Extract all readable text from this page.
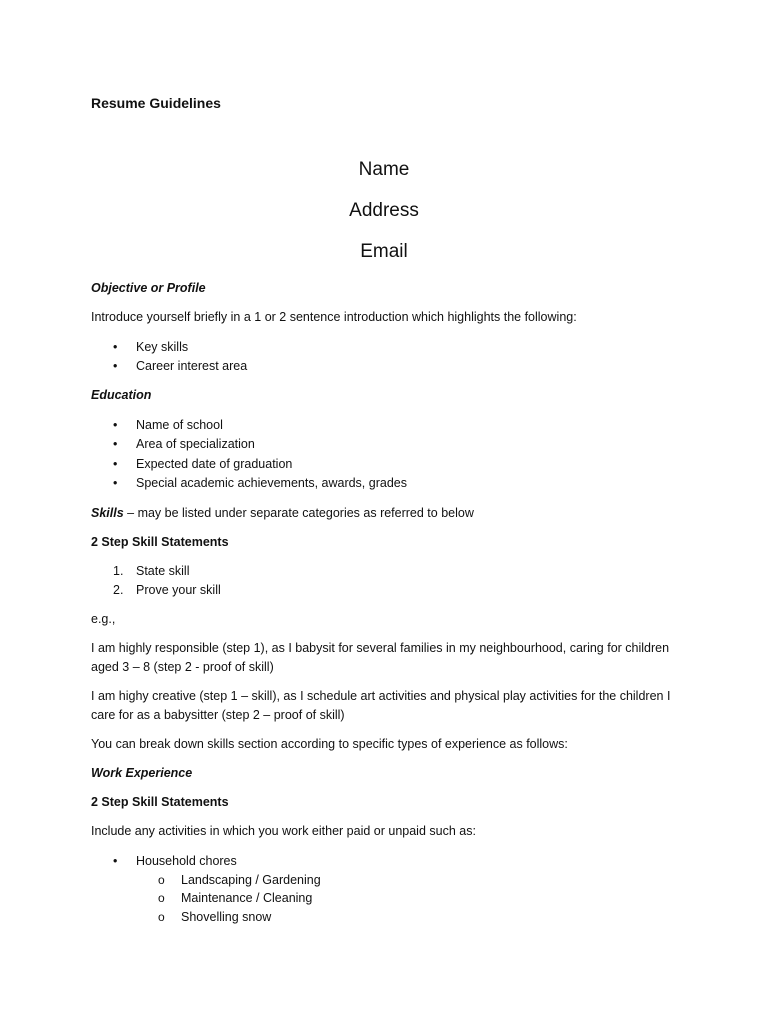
Resume Guidelines
Name
Address
Email
Objective or Profile
Introduce yourself briefly in a 1 or 2 sentence introduction which highlights the following:
• Key skills
• Career interest area
Education
• Name of school
• Area of specialization
• Expected date of graduation
• Special academic achievements, awards, grades
Skills – may be listed under separate categories as referred to below
2 Step Skill Statements
1. State skill
2. Prove your skill
e.g.,
I am highly responsible (step 1), as I babysit for several families in my neighbourhood, caring for children
aged 3 – 8 (step 2 - proof of skill)
I am highy creative (step 1 – skill), as I schedule art activities and physical play activities for the children I
care for as a babysitter (step 2 – proof of skill)
You can break down skills section according to specific types of experience as follows:
Work Experience
2 Step Skill Statements
Include any activities in which you work either paid or unpaid such as:
• Household chores
o Landscaping / Gardening
o Maintenance / Cleaning
o Shovelling snow
